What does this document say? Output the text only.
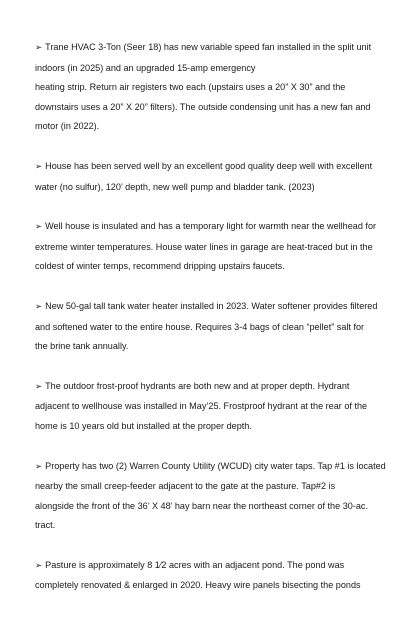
➢ Trane HVAC 3-Ton (Seer 18) has new variable speed fan installed in the split unit
indoors (in 2025) and an upgraded 15-amp emergency
heating strip. Return air registers two each (upstairs uses a 20” X 30” and the
downstairs uses a 20” X 20” filters). The outside condensing unit has a new fan and
motor (in 2022).
➢ House has been served well by an excellent good quality deep well with excellent
water (no sulfur), 120’ depth, new well pump and bladder tank. (2023)
➢ Well house is insulated and has a temporary light for warmth near the wellhead for
extreme winter temperatures. House water lines in garage are heat-traced but in the
coldest of winter temps, recommend dripping upstairs faucets.
➢ New 50-gal tall tank water heater installed in 2023. Water softener provides filtered
and softened water to the entire house. Requires 3-4 bags of clean “pellet” salt for
the brine tank annually.
➢ The outdoor frost-proof hydrants are both new and at proper depth. Hydrant
adjacent to wellhouse was installed in May’25. Frostproof hydrant at the rear of the
home is 10 years old but installed at the proper depth.
➢ Property has two (2) Warren County Utility (WCUD) city water taps. Tap #1 is located
nearby the small creep-feeder adjacent to the gate at the pasture. Tap#2 is
alongside the front of the 36’ X 48’ hay barn near the northeast corner of the 30-ac.
tract.
➢ Pasture is approximately 8 1⁄2 acres with an adjacent pond. The pond was
completely renovated & enlarged in 2020. Heavy wire panels bisecting the ponds
